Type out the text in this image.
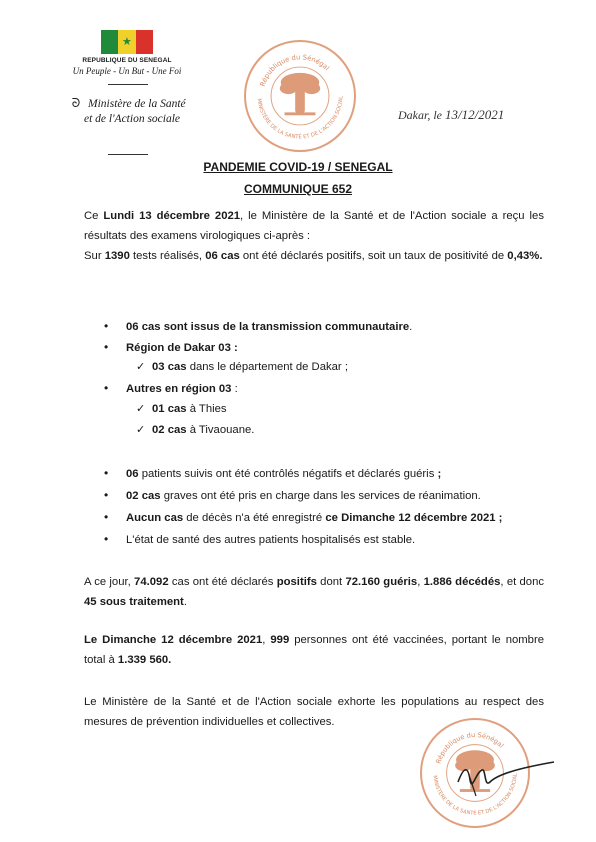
★
REPUBLIQUE DU SENEGAL
Un Peuple - Un But - Une Foi
ᘐ Ministère de la Santé
et de l'Action sociale
République du Sénégal
MINISTÈRE DE LA SANTÉ ET DE L'ACTION SOCIAL
Dakar, le 13/12/2021
PANDEMIE COVID-19 / SENEGAL
COMMUNIQUE 652
Ce Lundi 13 décembre 2021, le Ministère de la Santé et de l'Action sociale a reçu les résultats des examens virologiques ci-après :
Sur 1390 tests réalisés, 06 cas ont été déclarés positifs, soit un taux de positivité de 0,43%.
• 06 cas sont issus de la transmission communautaire.
• Région de Dakar 03 :
✓ 03 cas dans le département de Dakar ;
• Autres en région 03 :
✓ 01 cas à Thies
✓ 02 cas à Tivaouane.
• 06 patients suivis ont été contrôlés négatifs et déclarés guéris ;
• 02 cas graves ont été pris en charge dans les services de réanimation.
• Aucun cas de décès n'a été enregistré ce Dimanche 12 décembre 2021 ;
• L'état de santé des autres patients hospitalisés est stable.
A ce jour, 74.092 cas ont été déclarés positifs dont 72.160 guéris, 1.886 décédés, et donc 45 sous traitement.
Le Dimanche 12 décembre 2021, 999 personnes ont été vaccinées, portant le nombre total à 1.339 560.
Le Ministère de la Santé et de l'Action sociale exhorte les populations au respect des mesures de prévention individuelles et collectives.
République du Sénégal
MINISTÈRE DE LA SANTÉ ET DE L'ACTION SOCIAL
